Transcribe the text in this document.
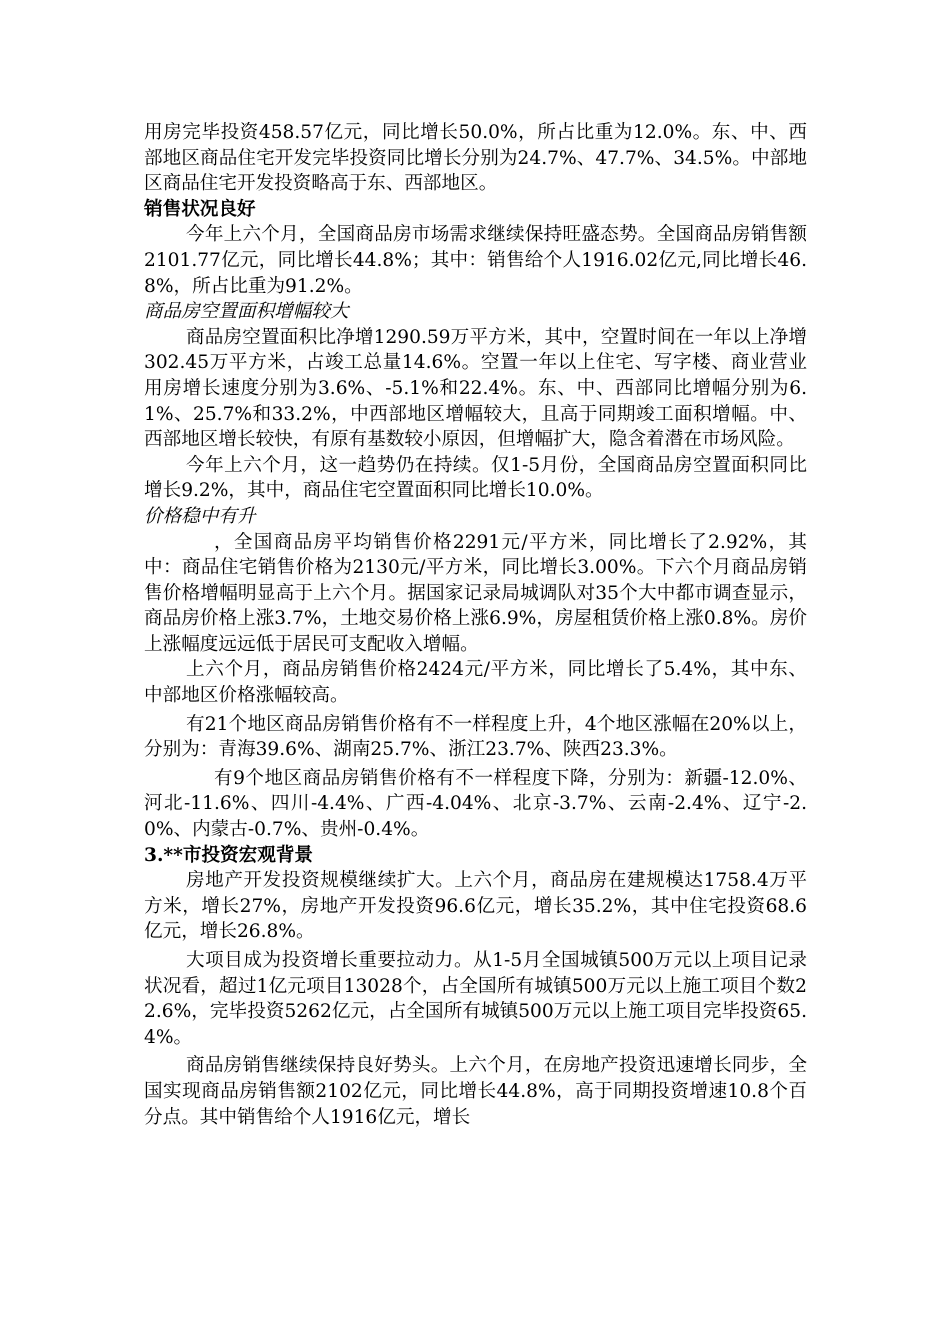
用房完毕投资458.57亿元，同比增长50.0%，所占比重为12.0%。东、中、西部地区商品住宅开发完毕投资同比增长分别为24.7%、47.7%、34.5%。中部地区商品住宅开发投资略高于东、西部地区。

销售状况良好

今年上六个月，全国商品房市场需求继续保持旺盛态势。全国商品房销售额2101.77亿元，同比增长44.8%；其中：销售给个人1916.02亿元,同比增长46.8%，所占比重为91.2%。

商品房空置面积增幅较大

商品房空置面积比净增1290.59万平方米，其中，空置时间在一年以上净增302.45万平方米，占竣工总量14.6%。空置一年以上住宅、写字楼、商业营业用房增长速度分别为3.6%、-5.1%和22.4%。东、中、西部同比增幅分别为6.1%、25.7%和33.2%，中西部地区增幅较大，且高于同期竣工面积增幅。中、西部地区增长较快，有原有基数较小原因，但增幅扩大，隐含着潜在市场风险。

今年上六个月，这一趋势仍在持续。仅1-5月份，全国商品房空置面积同比增长9.2%，其中，商品住宅空置面积同比增长10.0%。

价格稳中有升

，全国商品房平均销售价格2291元/平方米，同比增长了2.92%，其中：商品住宅销售价格为2130元/平方米，同比增长3.00%。下六个月商品房销售价格增幅明显高于上六个月。据国家记录局城调队对35个大中都市调查显示，商品房价格上涨3.7%，土地交易价格上涨6.9%，房屋租赁价格上涨0.8%。房价上涨幅度远远低于居民可支配收入增幅。

上六个月，商品房销售价格2424元/平方米，同比增长了5.4%，其中东、中部地区价格涨幅较高。

有21个地区商品房销售价格有不一样程度上升，4个地区涨幅在20%以上，分别为：青海39.6%、湖南25.7%、浙江23.7%、陕西23.3%。

有9个地区商品房销售价格有不一样程度下降，分别为：新疆-12.0%、河北-11.6%、四川-4.4%、广西-4.04%、北京-3.7%、云南-2.4%、辽宁-2.0%、内蒙古-0.7%、贵州-0.4%。

3.**市投资宏观背景

房地产开发投资规模继续扩大。上六个月，商品房在建规模达1758.4万平方米，增长27%，房地产开发投资96.6亿元，增长35.2%，其中住宅投资68.6亿元，增长26.8%。

大项目成为投资增长重要拉动力。从1-5月全国城镇500万元以上项目记录状况看，超过1亿元项目13028个，占全国所有城镇500万元以上施工项目个数22.6%，完毕投资5262亿元，占全国所有城镇500万元以上施工项目完毕投资65.4%。

商品房销售继续保持良好势头。上六个月，在房地产投资迅速增长同步，全国实现商品房销售额2102亿元，同比增长44.8%，高于同期投资增速10.8个百分点。其中销售给个人1916亿元，增长
